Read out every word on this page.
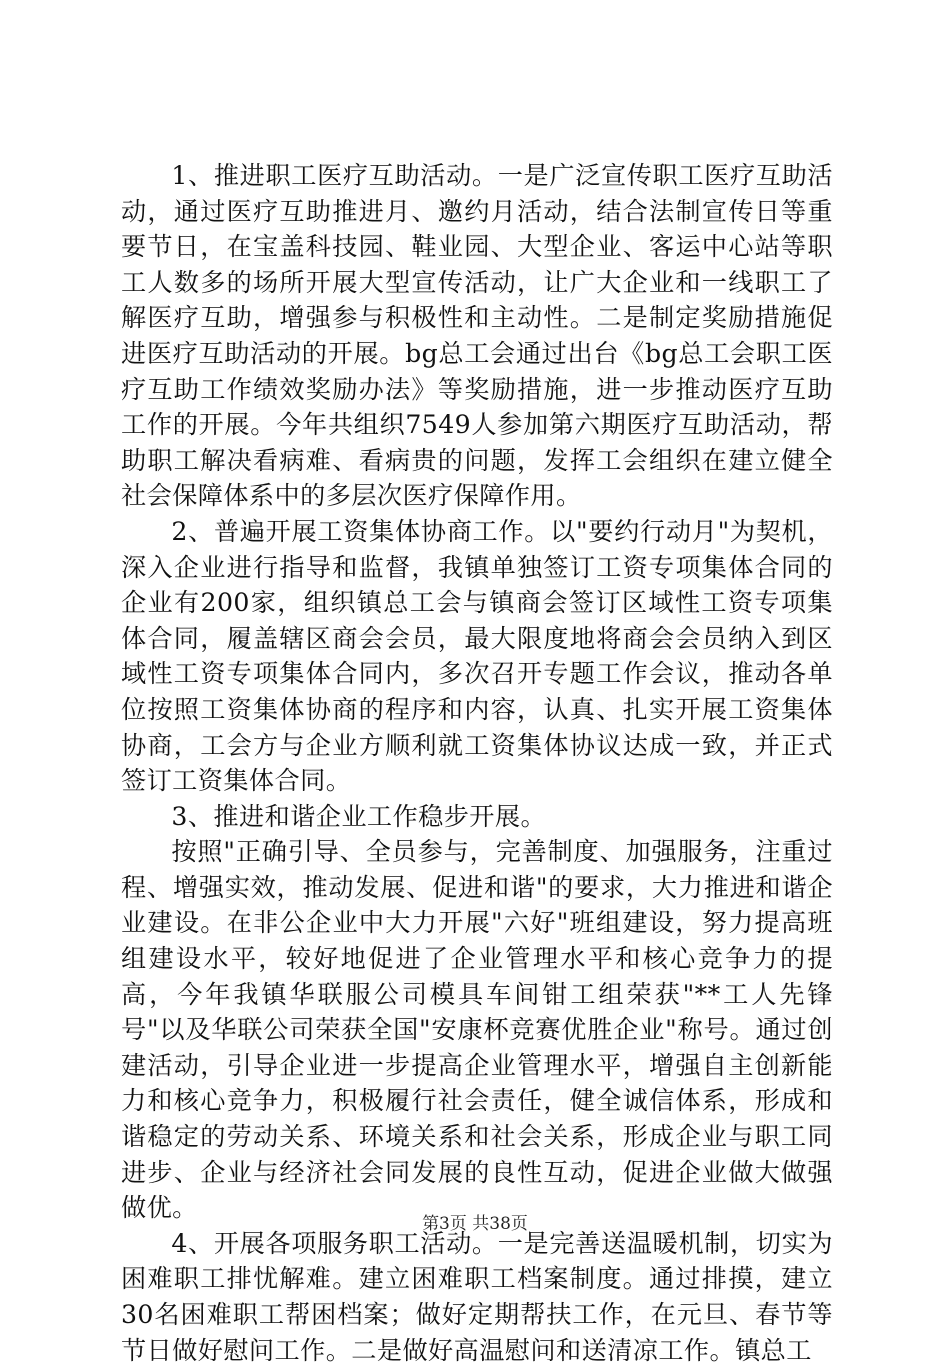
1、推进职工医疗互助活动。一是广泛宣传职工医疗互助活动，通过医疗互助推进月、邀约月活动，结合法制宣传日等重要节日，在宝盖科技园、鞋业园、大型企业、客运中心站等职工人数多的场所开展大型宣传活动，让广大企业和一线职工了解医疗互助，增强参与积极性和主动性。二是制定奖励措施促进医疗互助活动的开展。bg总工会通过出台《bg总工会职工医疗互助工作绩效奖励办法》等奖励措施，进一步推动医疗互助工作的开展。今年共组织7549人参加第六期医疗互助活动，帮助职工解决看病难、看病贵的问题，发挥工会组织在建立健全社会保障体系中的多层次医疗保障作用。

2、普遍开展工资集体协商工作。以"要约行动月"为契机，深入企业进行指导和监督，我镇单独签订工资专项集体合同的企业有200家，组织镇总工会与镇商会签订区域性工资专项集体合同，履盖辖区商会会员，最大限度地将商会会员纳入到区域性工资专项集体合同内，多次召开专题工作会议，推动各单位按照工资集体协商的程序和内容，认真、扎实开展工资集体协商，工会方与企业方顺利就工资集体协议达成一致，并正式签订工资集体合同。

3、推进和谐企业工作稳步开展。

按照"正确引导、全员参与，完善制度、加强服务，注重过程、增强实效，推动发展、促进和谐"的要求，大力推进和谐企业建设。在非公企业中大力开展"六好"班组建设，努力提高班组建设水平，较好地促进了企业管理水平和核心竞争力的提高，今年我镇华联服公司模具车间钳工组荣获"**工人先锋号"以及华联公司荣获全国"安康杯竞赛优胜企业"称号。通过创建活动，引导企业进一步提高企业管理水平，增强自主创新能力和核心竞争力，积极履行社会责任，健全诚信体系，形成和谐稳定的劳动关系、环境关系和社会关系，形成企业与职工同进步、企业与经济社会同发展的良性互动，促进企业做大做强做优。

4、开展各项服务职工活动。一是完善送温暖机制，切实为困难职工排忧解难。建立困难职工档案制度。通过排摸，建立30名困难职工帮困档案；做好定期帮扶工作，在元旦、春节等节日做好慰问工作。二是做好高温慰问和送清凉工作。镇总工

第3页 共38页
